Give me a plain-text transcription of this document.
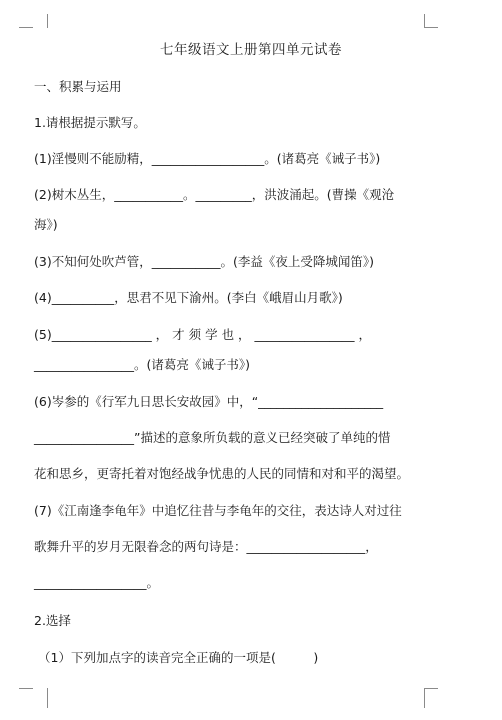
七年级语文上册第四单元试卷
一、积累与运用
1.请根据提示默写。
(1)淫慢则不能励精，__________________。(诸葛亮《诫子书》)
(2)树木丛生，___________。_________，洪波涌起。(曹操《观沧
海》)
(3)不知何处吹芦管，___________。(李益《夜上受降城闻笛》)
(4)__________，思君不见下渝州。(李白《峨眉山月歌》)
(5)________________ ， 才 须 学 也 ， ________________ ，
________________。(诸葛亮《诫子书》)
(6)岑参的《行军九日思长安故园》中，“____________________
________________”描述的意象所负载的意义已经突破了单纯的惜
花和思乡，更寄托着对饱经战争忧患的人民的同情和对和平的渴望。
(7)《江南逢李龟年》中追忆往昔与李龟年的交往，表达诗人对过往
歌舞升平的岁月无限眷念的两句诗是：___________________，
__________________。
2.选择
（1）下列加点字的读音完全正确的一项是(　　　)
